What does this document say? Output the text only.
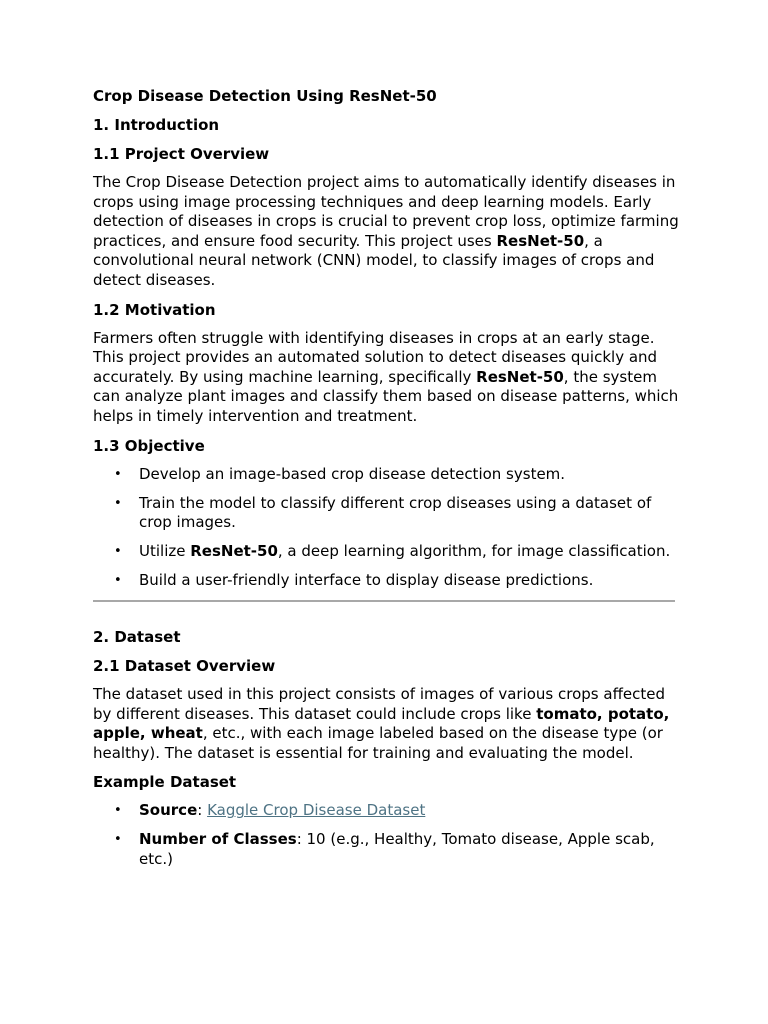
Crop Disease Detection Using ResNet-50
1. Introduction
1.1 Project Overview

The Crop Disease Detection project aims to automatically identify diseases in crops using image processing techniques and deep learning models. Early detection of diseases in crops is crucial to prevent crop loss, optimize farming practices, and ensure food security. This project uses ResNet-50, a convolutional neural network (CNN) model, to classify images of crops and detect diseases.

1.2 Motivation

Farmers often struggle with identifying diseases in crops at an early stage. This project provides an automated solution to detect diseases quickly and accurately. By using machine learning, specifically ResNet-50, the system can analyze plant images and classify them based on disease patterns, which helps in timely intervention and treatment.

1.3 Objective
• Develop an image-based crop disease detection system.
• Train the model to classify different crop diseases using a dataset of crop images.
• Utilize ResNet-50, a deep learning algorithm, for image classification.
• Build a user-friendly interface to display disease predictions.
2. Dataset
2.1 Dataset Overview

The dataset used in this project consists of images of various crops affected by different diseases. This dataset could include crops like tomato, potato, apple, wheat, etc., with each image labeled based on the disease type (or healthy). The dataset is essential for training and evaluating the model.

Example Dataset
• Source: Kaggle Crop Disease Dataset
• Number of Classes: 10 (e.g., Healthy, Tomato disease, Apple scab, etc.)
